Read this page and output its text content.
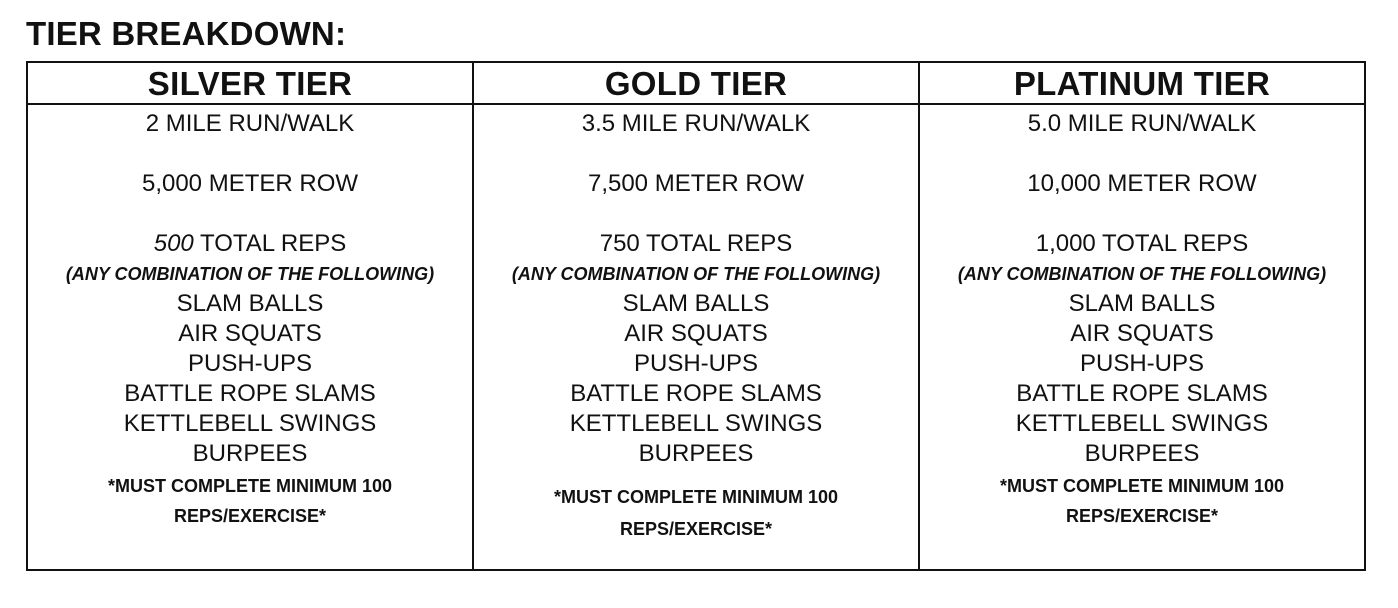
TIER BREAKDOWN:
SILVER TIER
2 MILE RUN/WALK
5,000 METER ROW
500 TOTAL REPS
(ANY COMBINATION OF THE FOLLOWING)
SLAM BALLS
AIR SQUATS
PUSH-UPS
BATTLE ROPE SLAMS
KETTLEBELL SWINGS
BURPEES
*MUST COMPLETE MINIMUM 100
REPS/EXERCISE*
GOLD TIER
3.5 MILE RUN/WALK
7,500 METER ROW
750 TOTAL REPS
(ANY COMBINATION OF THE FOLLOWING)
SLAM BALLS
AIR SQUATS
PUSH-UPS
BATTLE ROPE SLAMS
KETTLEBELL SWINGS
BURPEES
*MUST COMPLETE MINIMUM 100
REPS/EXERCISE*
PLATINUM TIER
5.0 MILE RUN/WALK
10,000 METER ROW
1,000 TOTAL REPS
(ANY COMBINATION OF THE FOLLOWING)
SLAM BALLS
AIR SQUATS
PUSH-UPS
BATTLE ROPE SLAMS
KETTLEBELL SWINGS
BURPEES
*MUST COMPLETE MINIMUM 100
REPS/EXERCISE*
